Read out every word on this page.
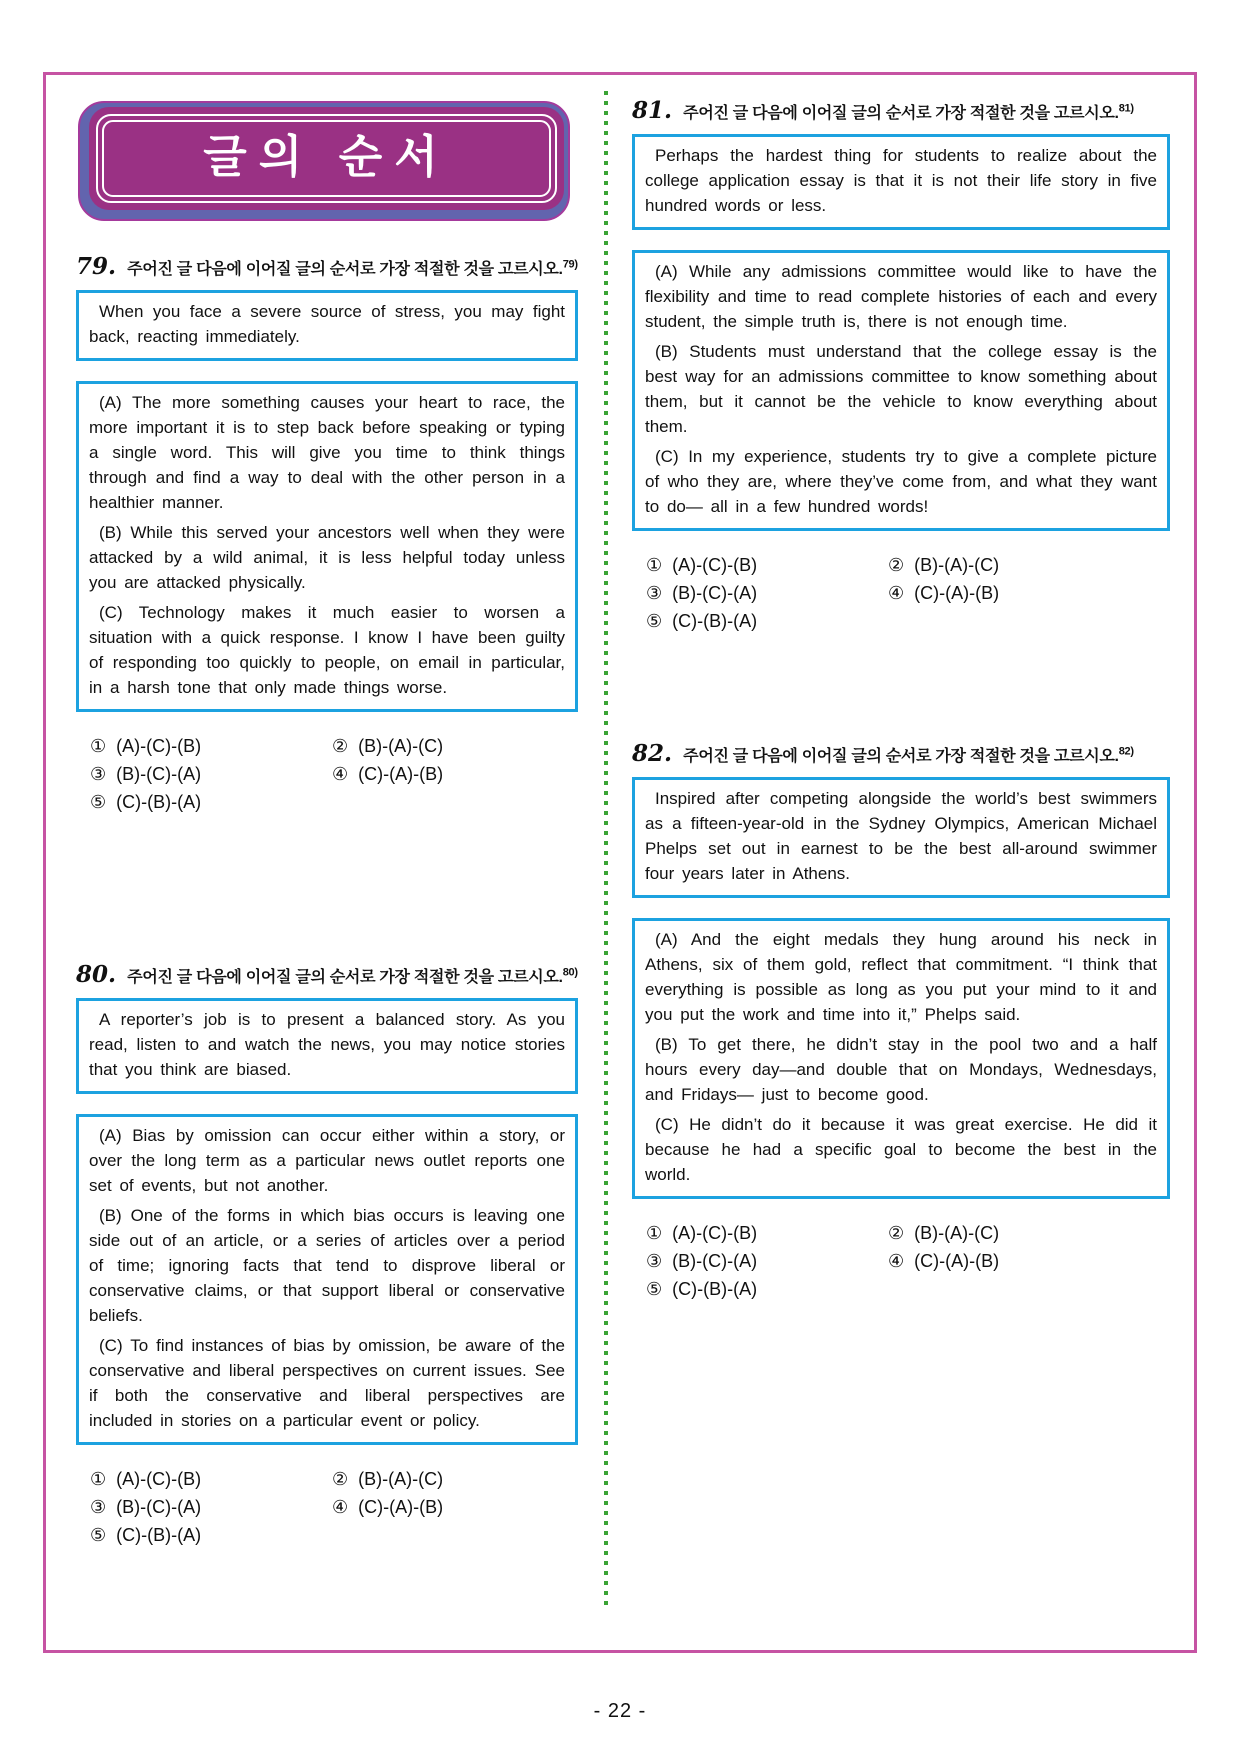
글의 순서
79. 주어진 글 다음에 이어질 글의 순서로 가장 적절한 것을 고르시오.$^{79)}$

When you face a severe source of stress, you may fight back, reacting immediately.

(A) The more something causes your heart to race, the more important it is to step back before speaking or typing a single word. This will give you time to think things through and find a way to deal with the other person in a healthier manner.

(B) While this served your ancestors well when they were attacked by a wild animal, it is less helpful today unless you are attacked physically.

(C) Technology makes it much easier to worsen a situation with a quick response. I know I have been guilty of responding too quickly to people, on email in particular, in a harsh tone that only made things worse.

① (A)-(C)-(B)	② (B)-(A)-(C)
③ (B)-(C)-(A)	④ (C)-(A)-(B)
⑤ (C)-(B)-(A)
80. 주어진 글 다음에 이어질 글의 순서로 가장 적절한 것을 고르시오.$^{80)}$

A reporter’s job is to present a balanced story. As you read, listen to and watch the news, you may notice stories that you think are biased.

(A) Bias by omission can occur either within a story, or over the long term as a particular news outlet reports one set of events, but not another.

(B) One of the forms in which bias occurs is leaving one side out of an article, or a series of articles over a period of time; ignoring facts that tend to disprove liberal or conservative claims, or that support liberal or conservative beliefs.

(C) To find instances of bias by omission, be aware of the conservative and liberal perspectives on current issues. See if both the conservative and liberal perspectives are included in stories on a particular event or policy.

① (A)-(C)-(B)	② (B)-(A)-(C)
③ (B)-(C)-(A)	④ (C)-(A)-(B)
⑤ (C)-(B)-(A)
81. 주어진 글 다음에 이어질 글의 순서로 가장 적절한 것을 고르시오.$^{81)}$

Perhaps the hardest thing for students to realize about the college application essay is that it is not their life story in five hundred words or less.

(A) While any admissions committee would like to have the flexibility and time to read complete histories of each and every student, the simple truth is, there is not enough time.

(B) Students must understand that the college essay is the best way for an admissions committee to know something about them, but it cannot be the vehicle to know everything about them.

(C) In my experience, students try to give a complete picture of who they are, where they’ve come from, and what they want to do— all in a few hundred words!

① (A)-(C)-(B)	② (B)-(A)-(C)
③ (B)-(C)-(A)	④ (C)-(A)-(B)
⑤ (C)-(B)-(A)
82. 주어진 글 다음에 이어질 글의 순서로 가장 적절한 것을 고르시오.$^{82)}$

Inspired after competing alongside the world’s best swimmers as a fifteen-year-old in the Sydney Olympics, American Michael Phelps set out in earnest to be the best all-around swimmer four years later in Athens.

(A) And the eight medals they hung around his neck in Athens, six of them gold, reflect that commitment. “I think that everything is possible as long as you put your mind to it and you put the work and time into it,” Phelps said.

(B) To get there, he didn’t stay in the pool two and a half hours every day—and double that on Mondays, Wednesdays, and Fridays— just to become good.

(C) He didn’t do it because it was great exercise. He did it because he had a specific goal to become the best in the world.

① (A)-(C)-(B)	② (B)-(A)-(C)
③ (B)-(C)-(A)	④ (C)-(A)-(B)
⑤ (C)-(B)-(A)
- 22 -
